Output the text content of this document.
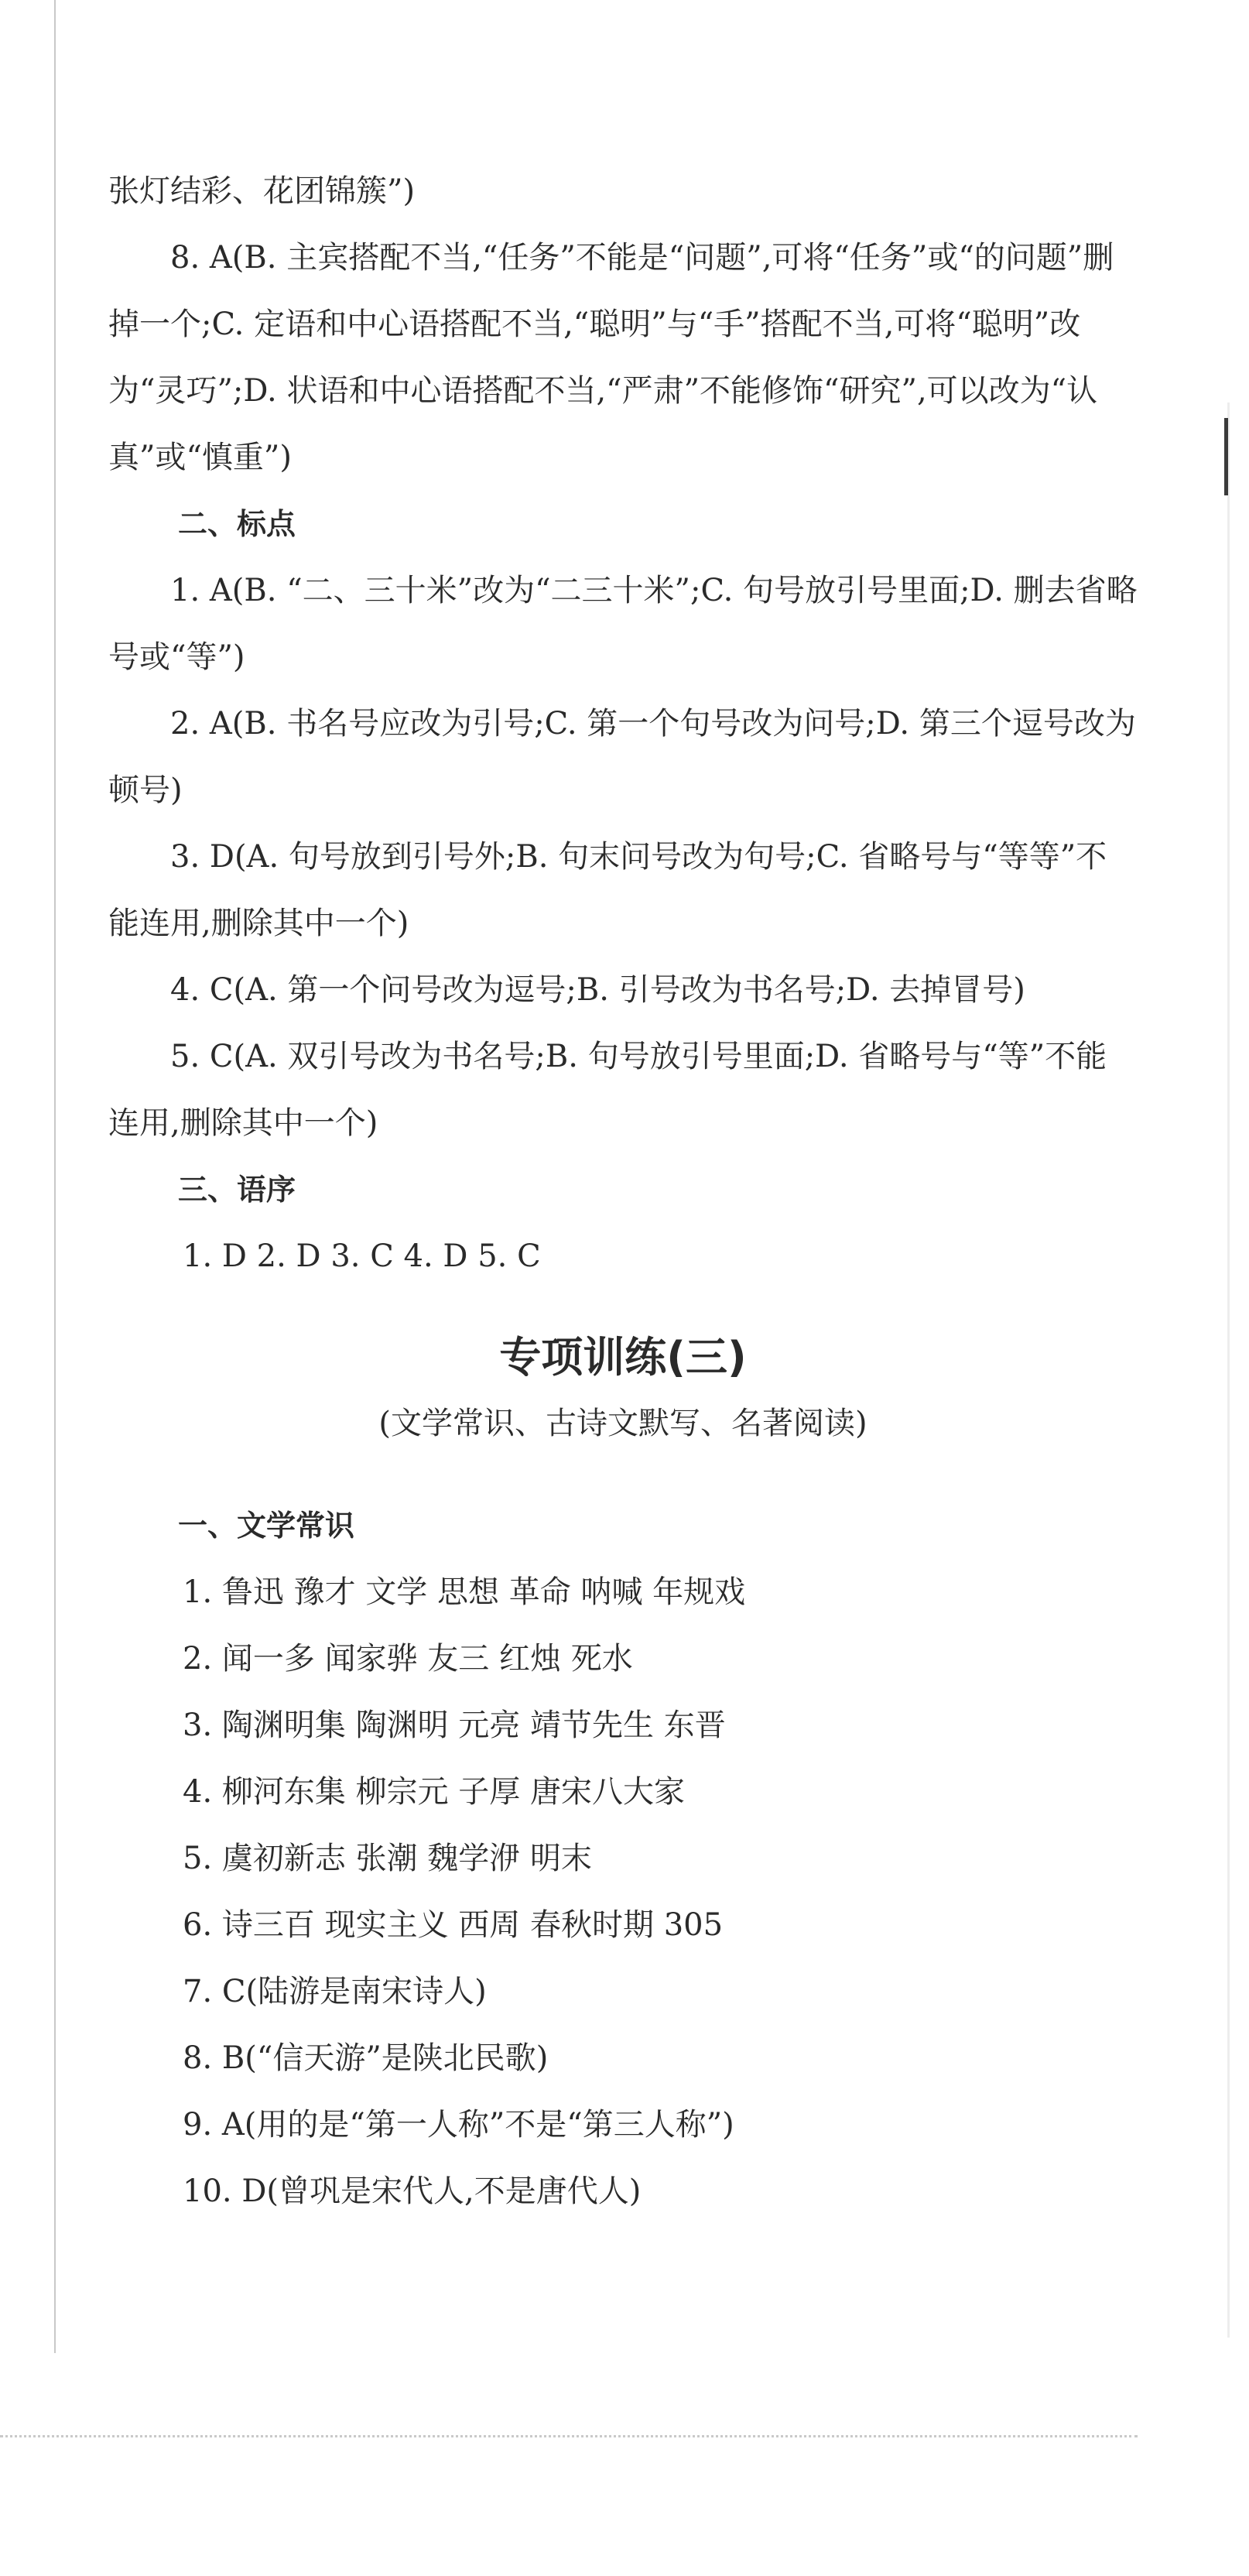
张灯结彩、花团锦簇”)

8. A(B. 主宾搭配不当,“任务”不能是“问题”,可将“任务”或“的问题”删掉一个;C. 定语和中心语搭配不当,“聪明”与“手”搭配不当,可将“聪明”改为“灵巧”;D. 状语和中心语搭配不当,“严肃”不能修饰“研究”,可以改为“认真”或“慎重”)

二、标点

1. A(B. “二、三十米”改为“二三十米”;C. 句号放引号里面;D. 删去省略号或“等”)

2. A(B. 书名号应改为引号;C. 第一个句号改为问号;D. 第三个逗号改为顿号)

3. D(A. 句号放到引号外;B. 句末问号改为句号;C. 省略号与“等等”不能连用,删除其中一个)

4. C(A. 第一个问号改为逗号;B. 引号改为书名号;D. 去掉冒号)

5. C(A. 双引号改为书名号;B. 句号放引号里面;D. 省略号与“等”不能连用,删除其中一个)

三、语序

1. D 2. D 3. C 4. D 5. C

专项训练(三)

(文学常识、古诗文默写、名著阅读)

一、文学常识

1. 鲁迅 豫才 文学 思想 革命 呐喊 年规戏

2. 闻一多 闻家骅 友三 红烛 死水

3. 陶渊明集 陶渊明 元亮 靖节先生 东晋

4. 柳河东集 柳宗元 子厚 唐宋八大家

5. 虞初新志 张潮 魏学洢 明末

6. 诗三百 现实主义 西周 春秋时期 305

7. C(陆游是南宋诗人)

8. B(“信天游”是陕北民歌)

9. A(用的是“第一人称”不是“第三人称”)

10. D(曾巩是宋代人,不是唐代人)
